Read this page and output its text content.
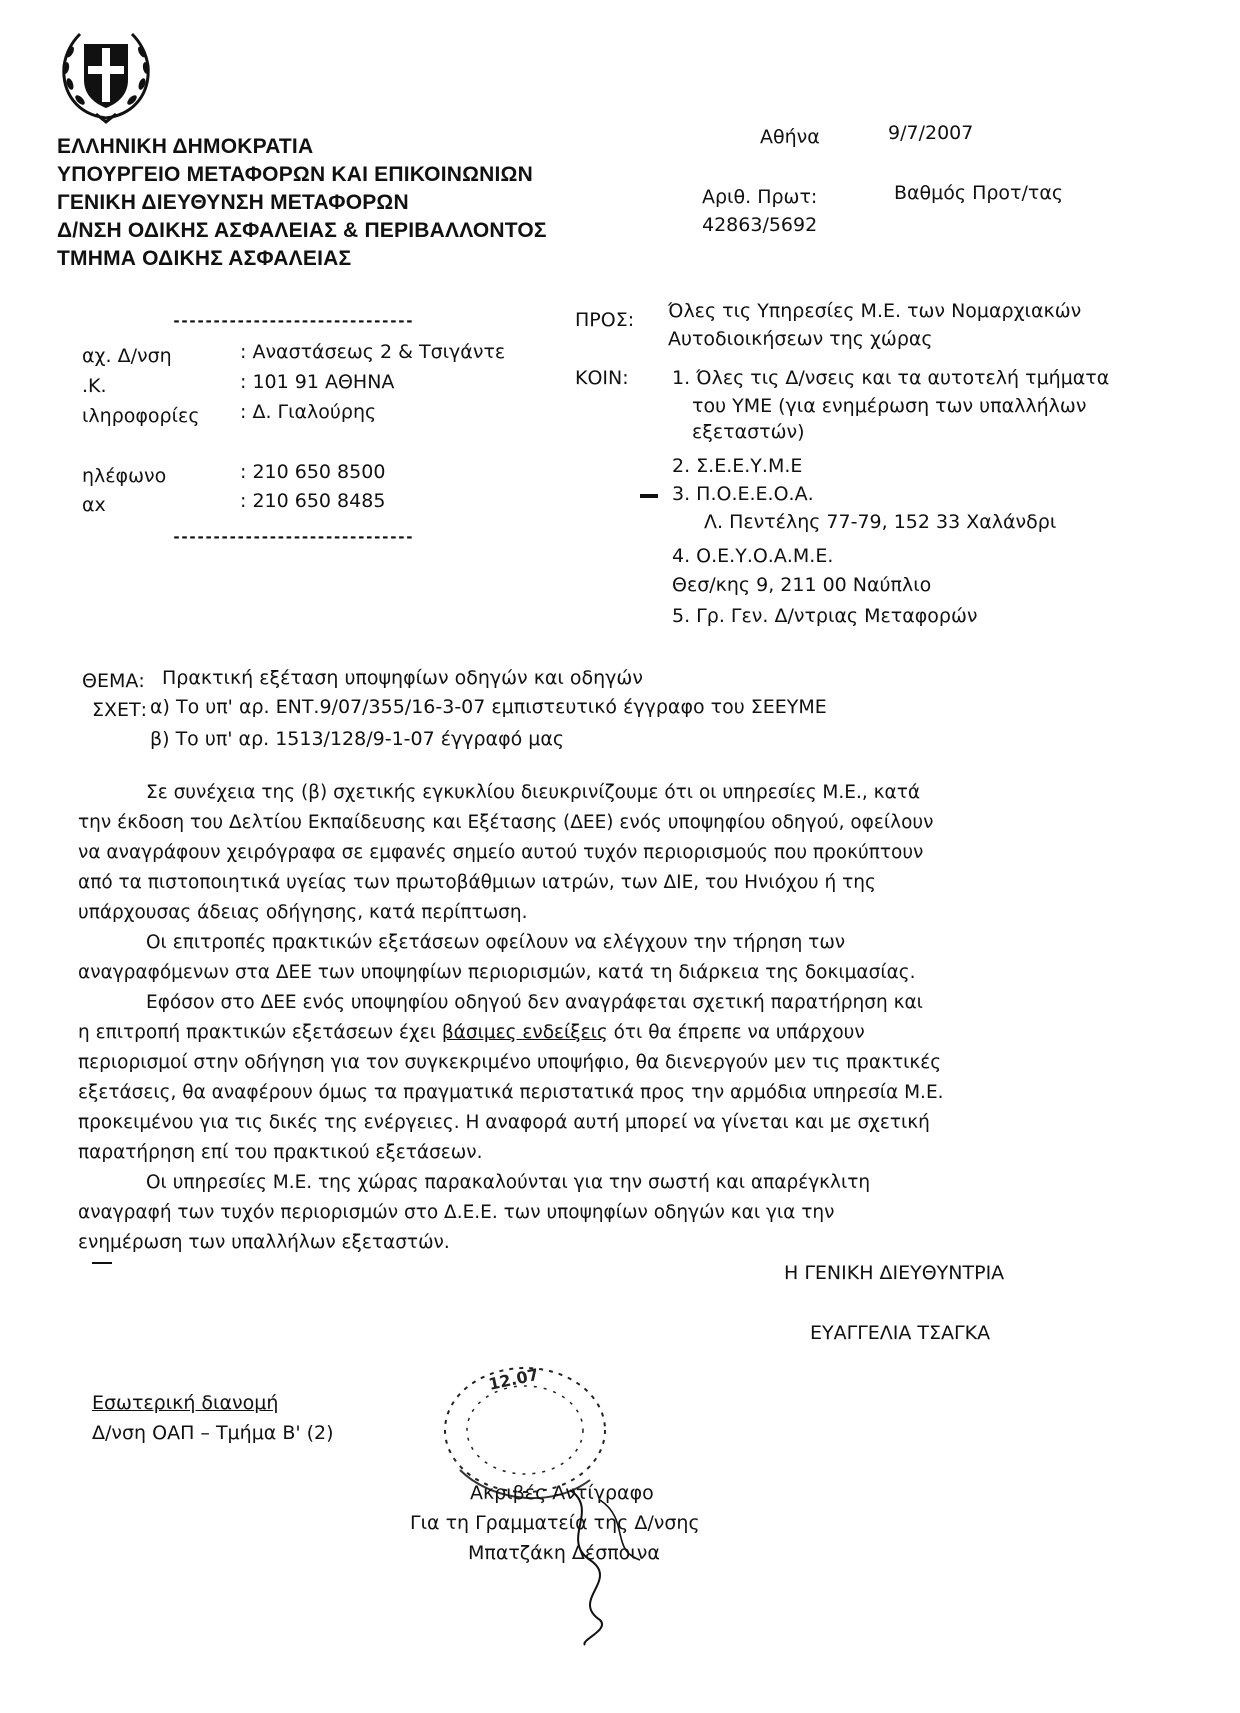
ΕΛΛΗΝΙΚΗ ΔΗΜΟΚΡΑΤΙΑ
ΥΠΟΥΡΓΕΙΟ ΜΕΤΑΦΟΡΩΝ ΚΑΙ ΕΠΙΚΟΙΝΩΝΙΩΝ
ΓΕΝΙΚΗ ΔΙΕΥΘΥΝΣΗ ΜΕΤΑΦΟΡΩΝ
Δ/ΝΣΗ ΟΔΙΚΗΣ ΑΣΦΑΛΕΙΑΣ & ΠΕΡΙΒΑΛΛΟΝΤΟΣ
ΤΜΗΜΑ ΟΔΙΚΗΣ ΑΣΦΑΛΕΙΑΣ
Αθήνα	9/7/2007
Αριθ. Πρωτ:	Βαθμός Προτ/τας
42863/5692
------------------------------
αχ. Δ/νση	: Αναστάσεως 2 & Τσιγάντε
.Κ.	: 101 91 ΑΘΗΝΑ
ιληροφορίες : Δ. Γιαλούρης
ηλέφωνο	: 210 650 8500
αx	: 210 650 8485
------------------------------
ΠΡΟΣ: Όλες τις Υπηρεσίες Μ.Ε. των Νομαρχιακών
Αυτοδιοικήσεων της χώρας
ΚΟΙΝ: 1. Όλες τις Δ/νσεις και τα αυτοτελή τμήματα
του ΥΜΕ (για ενημέρωση των υπαλλήλων
εξεταστών)
2. Σ.Ε.Ε.Υ.Μ.Ε
3. Π.Ο.Ε.Ε.Ο.Α.
Λ. Πεντέλης 77-79, 152 33 Χαλάνδρι
4. Ο.Ε.Υ.Ο.Α.Μ.Ε.
Θεσ/κης 9, 211 00 Ναύπλιο
5. Γρ. Γεν. Δ/ντριας Μεταφορών
ΘΕΜΑ: Πρακτική εξέταση υποψηφίων οδηγών και οδηγών
ΣΧΕΤ: α) Το υπ' αρ. ΕΝΤ.9/07/355/16-3-07 εμπιστευτικό έγγραφο του ΣΕΕΥΜΕ
β) Το υπ' αρ. 1513/128/9-1-07 έγγραφό μας
Σε συνέχεια της (β) σχετικής εγκυκλίου διευκρινίζουμε ότι οι υπηρεσίες Μ.Ε., κατά
την έκδοση του Δελτίου Εκπαίδευσης και Εξέτασης (ΔΕΕ) ενός υποψηφίου οδηγού, οφείλουν
να αναγράφουν χειρόγραφα σε εμφανές σημείο αυτού τυχόν περιορισμούς που προκύπτουν
από τα πιστοποιητικά υγείας των πρωτοβάθμιων ιατρών, των ΔΙΕ, του Ηνιόχου ή της
υπάρχουσας άδειας οδήγησης, κατά περίπτωση.
Οι επιτροπές πρακτικών εξετάσεων οφείλουν να ελέγχουν την τήρηση των
αναγραφόμενων στα ΔΕΕ των υποψηφίων περιορισμών, κατά τη διάρκεια της δοκιμασίας.
Εφόσον στο ΔΕΕ ενός υποψηφίου οδηγού δεν αναγράφεται σχετική παρατήρηση και
η επιτροπή πρακτικών εξετάσεων έχει βάσιμες ενδείξεις ότι θα έπρεπε να υπάρχουν
περιορισμοί στην οδήγηση για τον συγκεκριμένο υποψήφιο, θα διενεργούν μεν τις πρακτικές
εξετάσεις, θα αναφέρουν όμως τα πραγματικά περιστατικά προς την αρμόδια υπηρεσία Μ.Ε.
προκειμένου για τις δικές της ενέργειες. Η αναφορά αυτή μπορεί να γίνεται και με σχετική
παρατήρηση επί του πρακτικού εξετάσεων.
Οι υπηρεσίες Μ.Ε. της χώρας παρακαλούνται για την σωστή και απαρέγκλιτη
αναγραφή των τυχόν περιορισμών στο Δ.Ε.Ε. των υποψηφίων οδηγών και για την
ενημέρωση των υπαλλήλων εξεταστών.
Η ΓΕΝΙΚΗ ΔΙΕΥΘΥΝΤΡΙΑ
ΕΥΑΓΓΕΛΙΑ ΤΣΑΓΚΑ
Εσωτερική διανομή
Δ/νση ΟΑΠ – Τμήμα Β' (2)
12.07
Ακριβές Αντίγραφο
Για τη Γραμματεία της Δ/νσης
Μπατζάκη Δέσποινα
